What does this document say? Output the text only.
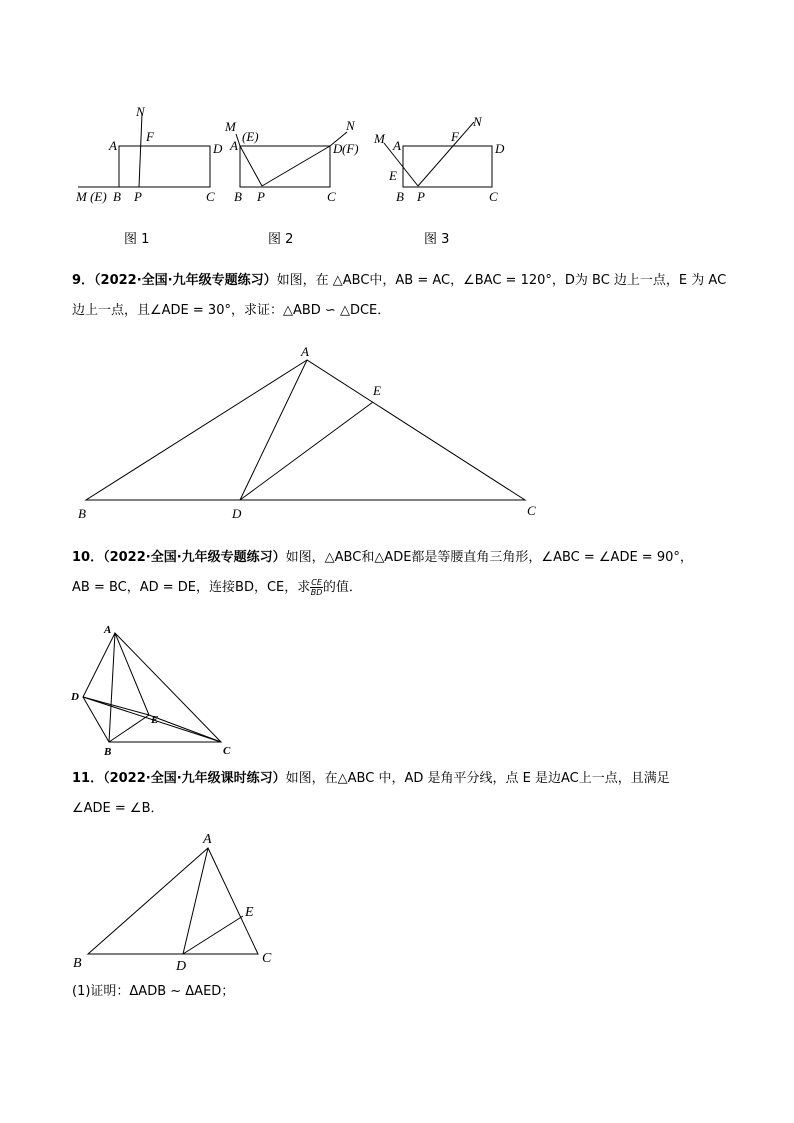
N
F
A	D
M (E) B P	C
图 1
M
(E)
A	D (F)
N
B P	C
图 2
M A
F
N
D
E
B P	C
图 3
9．（2022·全国·九年级专题练习）如图，在 △ABC中，AB = AC，∠BAC = 120°，D为 BC 边上一点，E 为 AC
边上一点，且∠ADE = 30°，求证：△ABD ∽ △DCE．
A
E
B	D	C
10．（2022·全国·九年级专题练习）如图，△ABC和△ADE都是等腰直角三角形，∠ABC = ∠ADE = 90°，
AB = BC，AD = DE，连接BD，CE，求 $\frac{CE}{BD}$ 的值．
A
D
E
B	C
11．（2022·全国·九年级课时练习）如图，在△ABC 中，AD 是角平分线，点 E 是边AC上一点，且满足
∠ADE = ∠B．
A
E
B	D
C
(1)证明：ΔADB ~ ΔAED；
